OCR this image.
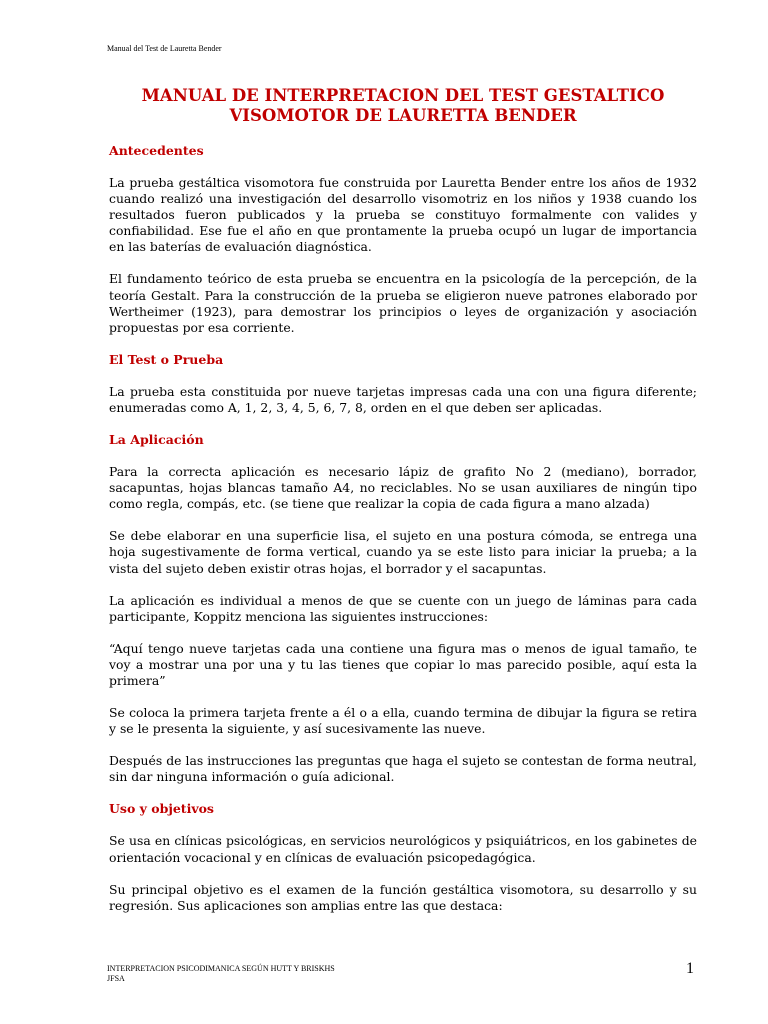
Manual del Test de Lauretta Bender
MANUAL DE INTERPRETACION DEL TEST GESTALTICO
VISOMOTOR DE LAURETTA BENDER
Antecedentes

La prueba gestáltica visomotora fue construida por Lauretta Bender entre los años de 1932 cuando realizó una investigación del desarrollo visomotriz en los niños y 1938 cuando los resultados fueron publicados y la prueba se constituyo formalmente con valides y confiabilidad. Ese fue el año en que prontamente la prueba ocupó un lugar de importancia en las baterías de evaluación diagnóstica.

El fundamento teórico de esta prueba se encuentra en la psicología de la percepción, de la teoría Gestalt. Para la construcción de la prueba se eligieron nueve patrones elaborado por Wertheimer (1923), para demostrar los principios o leyes de organización y asociación propuestas por esa corriente.

El Test o Prueba

La prueba esta constituida por nueve tarjetas impresas cada una con una figura diferente; enumeradas como A, 1, 2, 3, 4, 5, 6, 7, 8, orden en el que deben ser aplicadas.

La Aplicación

Para la correcta aplicación es necesario lápiz de grafito No 2 (mediano), borrador, sacapuntas, hojas blancas tamaño A4, no reciclables. No se usan auxiliares de ningún tipo como regla, compás, etc. (se tiene que realizar la copia de cada figura a mano alzada)

Se debe elaborar en una superficie lisa, el sujeto en una postura cómoda, se entrega una hoja sugestivamente de forma vertical, cuando ya se este listo para iniciar la prueba; a la vista del sujeto deben existir otras hojas, el borrador y el sacapuntas.

La aplicación es individual a menos de que se cuente con un juego de láminas para cada participante, Koppitz menciona las siguientes instrucciones:

“Aquí tengo nueve tarjetas cada una contiene una figura mas o menos de igual tamaño, te voy a mostrar una por una y tu las tienes que copiar lo mas parecido posible, aquí esta la primera”

Se coloca la primera tarjeta frente a él o a ella, cuando termina de dibujar la figura se retira y se le presenta la siguiente, y así sucesivamente las nueve.

Después de las instrucciones las preguntas que haga el sujeto se contestan de forma neutral, sin dar ninguna información o guía adicional.

Uso y objetivos

Se usa en clínicas psicológicas, en servicios neurológicos y psiquiátricos, en los gabinetes de orientación vocacional y en clínicas de evaluación psicopedagógica.

Su principal objetivo es el examen de la función gestáltica visomotora, su desarrollo y su regresión. Sus aplicaciones son amplias entre las que destaca:

INTERPRETACION PSICODIMANICA SEGÚN HUTT Y BRISKHS
JFSA
1
